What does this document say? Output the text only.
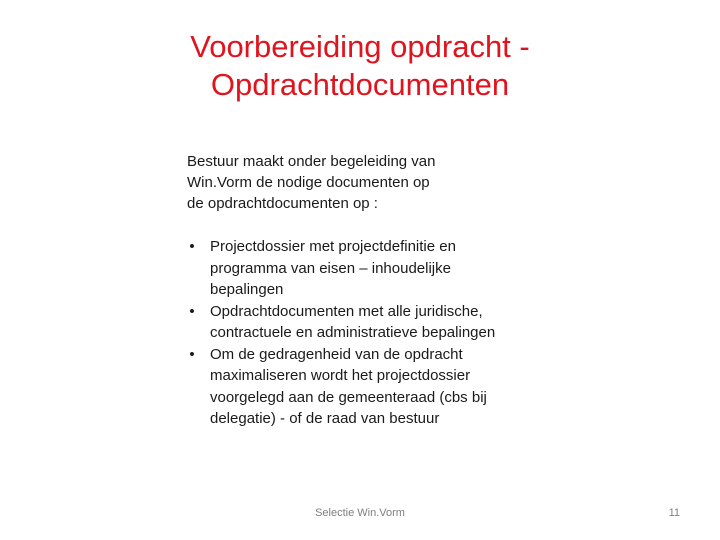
Voorbereiding opdracht -
Opdrachtdocumenten
Bestuur maakt onder begeleiding van
Win.Vorm de nodige documenten op
de opdrachtdocumenten op :
• Projectdossier met projectdefinitie en
programma van eisen – inhoudelijke
bepalingen
• Opdrachtdocumenten met alle juridische,
contractuele en administratieve bepalingen
• Om de gedragenheid van de opdracht
maximaliseren wordt het projectdossier
voorgelegd aan de gemeenteraad (cbs bij
delegatie) - of de raad van bestuur
Selectie Win.Vorm	11
